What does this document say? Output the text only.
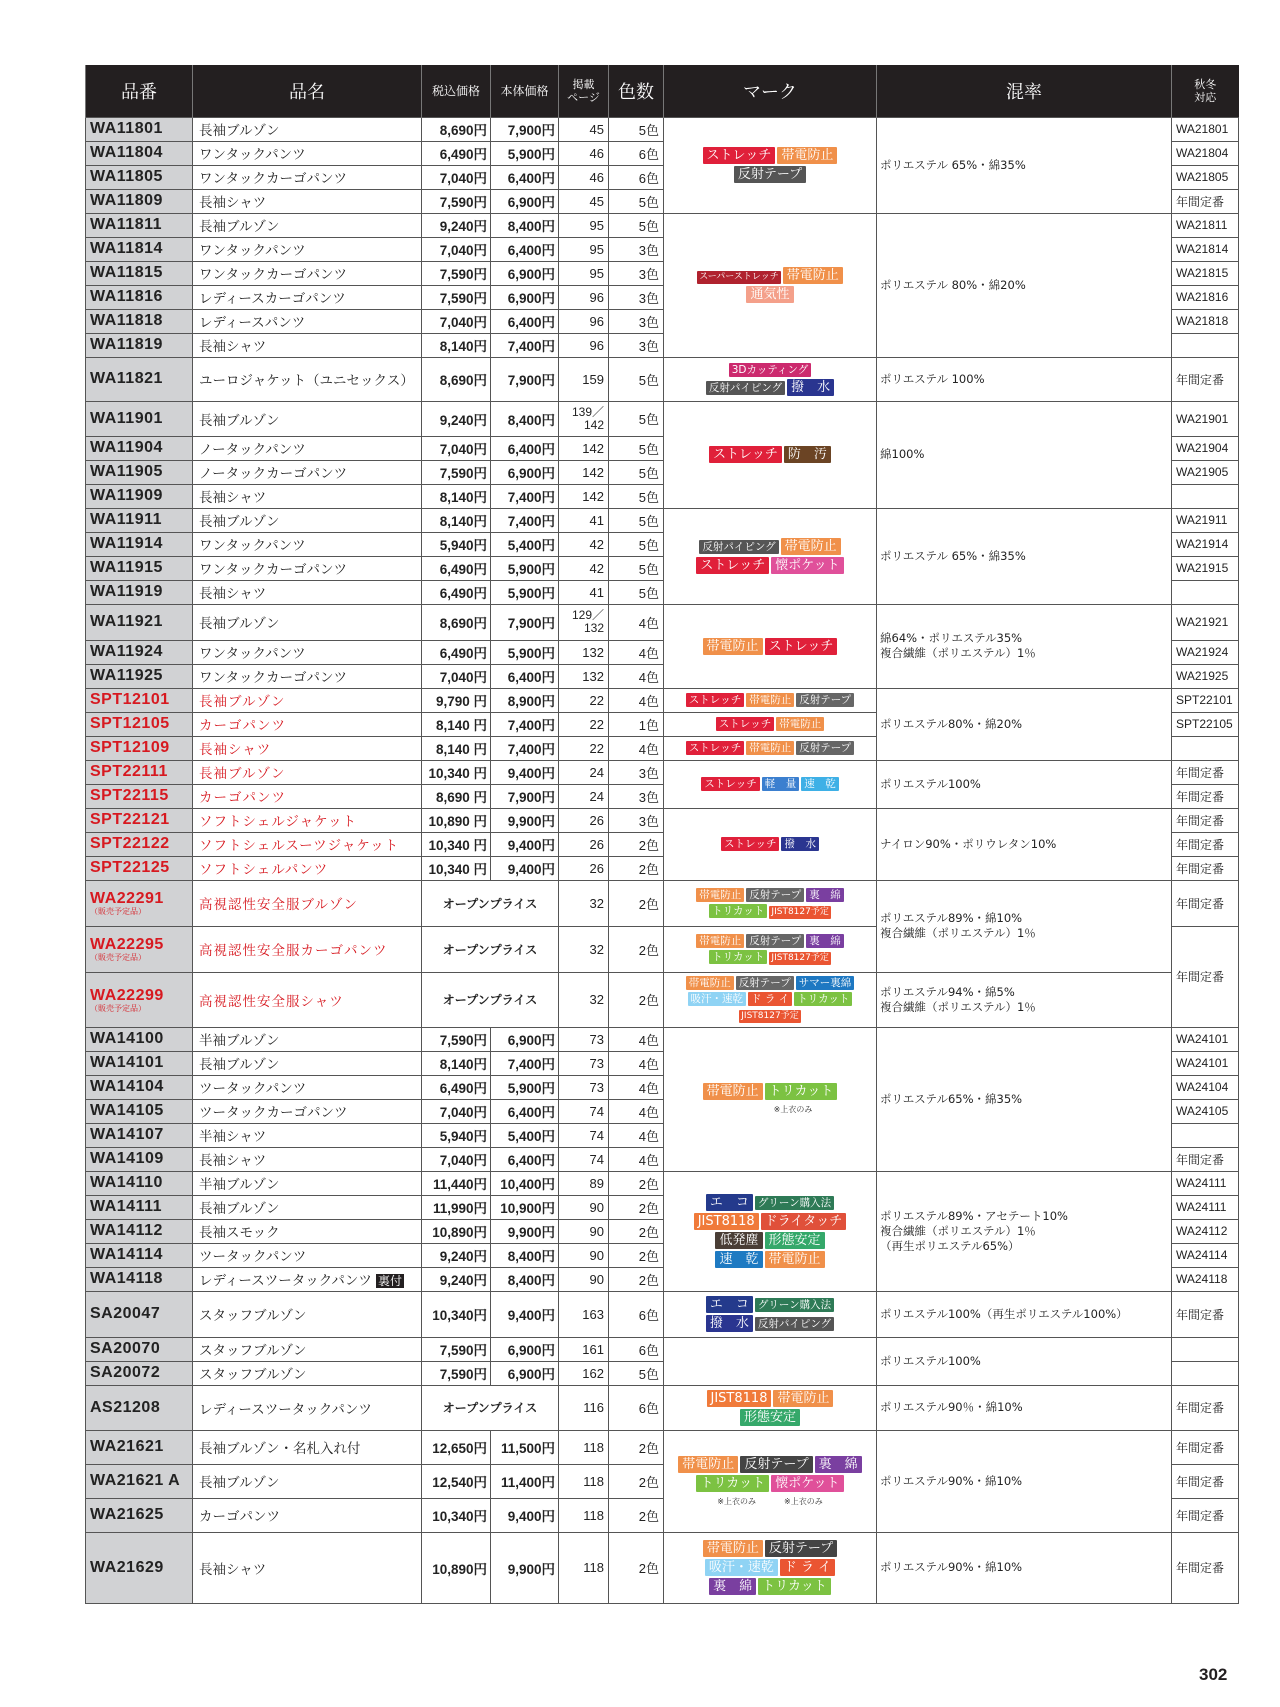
品番	品名	税込価格	本体価格	掲載
ページ	色数	マーク	混率	秋冬
対応
WA11801	長袖ブルゾン	8,690円	7,900円	45	5色	
ストレッチ 帯電防止
反射テープ
	ポリエステル 65%・綿35%	WA21801
WA11804	ワンタックパンツ	6,490円	5,900円	46	6色	WA21804
WA11805	ワンタックカーゴパンツ	7,040円	6,400円	46	6色	WA21805
WA11809	長袖シャツ	7,590円	6,900円	45	5色	年間定番
WA11811	長袖ブルゾン	9,240円	8,400円	95	5色	
スーパーストレッチ 帯電防止
通気性
	ポリエステル 80%・綿20%	WA21811
WA11814	ワンタックパンツ	7,040円	6,400円	95	3色	WA21814
WA11815	ワンタックカーゴパンツ	7,590円	6,900円	95	3色	WA21815
WA11816	レディースカーゴパンツ	7,590円	6,900円	96	3色	WA21816
WA11818	レディースパンツ	7,040円	6,400円	96	3色	WA21818
WA11819	長袖シャツ	8,140円	7,400円	96	3色	
WA11821	ユーロジャケット（ユニセックス）	8,690円	7,900円	159	5色	
3Dカッティング
反射パイピング 撥　水
	ポリエステル 100%	年間定番
WA11901	長袖ブルゾン	9,240円	8,400円	139／
142	5色	
ストレッチ 防　汚	綿100%	WA21901
WA11904	ノータックパンツ	7,040円	6,400円	142	5色	WA21904
WA11905	ノータックカーゴパンツ	7,590円	6,900円	142	5色	WA21905
WA11909	長袖シャツ	8,140円	7,400円	142	5色	
WA11911	長袖ブルゾン	8,140円	7,400円	41	5色	
反射パイピング 帯電防止
ストレッチ 懐ポケット
	ポリエステル 65%・綿35%	WA21911
WA11914	ワンタックパンツ	5,940円	5,400円	42	5色	WA21914
WA11915	ワンタックカーゴパンツ	6,490円	5,900円	42	5色	WA21915
WA11919	長袖シャツ	6,490円	5,900円	41	5色	
WA11921	長袖ブルゾン	8,690円	7,900円	129／
132	4色	
帯電防止 ストレッチ

綿64%・ポリエステル35%
複合繊維（ポリエステル）1％
	WA21921
WA11924	ワンタックパンツ	6,490円	5,900円	132	4色	WA21924
WA11925	ワンタックカーゴパンツ	7,040円	6,400円	132	4色	WA21925
SPT12101	長袖ブルゾン	9,790 円	8,900円	22	4色	ストレッチ 帯電防止 反射テープ
	ポリエステル80%・綿20%	SPT22101
SPT12105	カーゴパンツ	8,140 円	7,400円	22	1色	ストレッチ 帯電防止	SPT22105
SPT12109	長袖シャツ	8,140 円	7,400円	22	4色	ストレッチ 帯電防止 反射テープ

SPT22111	長袖ブルゾン	10,340 円	9,400円	24	3色	
ストレッチ 軽　量 速　乾	ポリエステル100%	年間定番
SPT22115	カーゴパンツ	8,690 円	7,900円	24	3色	年間定番
SPT22121	ソフトシェルジャケット	10,890 円	9,900円	26	3色	
ストレッチ 撥　水	ナイロン90%・ポリウレタン10%	年間定番
SPT22122	ソフトシェルスーツジャケット	10,340 円	9,400円	26	2色	年間定番
SPT22125	ソフトシェルパンツ	10,340 円	9,400円	26	2色	年間定番
WA22291
（販売予定品）	高視認性安全服ブルゾン	オープンプライス	32	2色	
帯電防止 反射テープ 裏　綿
トリカット JIST8127予定	ポリエステル89%・綿10%
複合繊維（ポリエステル）1％
	年間定番
WA22295
（販売予定品）	高視認性安全服カーゴパンツ	オープンプライス	32	2色	
帯電防止 反射テープ 裏　綿
トリカット JIST8127予定
	年間定番
WA22299
（販売予定品）	高視認性安全服シャツ	オープンプライス	32	2色	
帯電防止 反射テープ サマー裏綿
吸汗・速乾 ド ラ イ トリカット
JIST8127予定

ポリエステル94%・綿5%
複合繊維（ポリエステル）1％

WA14100	半袖ブルゾン	7,590円	6,900円	73	4色	
帯電防止 トリカット
※上衣のみ
	ポリエステル65%・綿35%	WA24101
WA14101	長袖ブルゾン	8,140円	7,400円	73	4色	WA24101
WA14104	ツータックパンツ	6,490円	5,900円	73	4色	WA24104
WA14105	ツータックカーゴパンツ	7,040円	6,400円	74	4色	WA24105
WA14107	半袖シャツ	5,940円	5,400円	74	4色	
WA14109	長袖シャツ	7,040円	6,400円	74	4色	年間定番
WA14110	半袖ブルゾン	11,440円	10,400円	89	2色	
エ　コ グリーン購入法
JIST8118 ドライタッチ
低発塵 形態安定
速　乾 帯電防止

ポリエステル89%・アセテート10%
複合繊維（ポリエステル）1％
（再生ポリエステル65%）
	WA24111
WA14111	長袖ブルゾン	11,990円	10,900円	90	2色	WA24111
WA14112	長袖スモック	10,890円	9,900円	90	2色	WA24112
WA14114	ツータックパンツ	9,240円	8,400円	90	2色	WA24114
WA14118	レディースツータックパンツ 裏付	9,240円	8,400円	90	2色	WA24118
SA20047	スタッフブルゾン	10,340円	9,400円	163	6色	
エ　コ グリーン購入法
撥　水 反射パイピング
	ポリエステル100%（再生ポリエステル100%）	年間定番
SA20070	スタッフブルゾン	7,590円	6,900円	161	6色		ポリエステル100%	
SA20072	スタッフブルゾン	7,590円	6,900円	162	5色	
AS21208	レディースツータックパンツ	オープンプライス	116	6色	
JIST8118 帯電防止
形態安定
	ポリエステル90％・綿10%	年間定番
WA21621	長袖ブルゾン・名札入れ付	12,650円	11,500円	118	2色	
帯電防止 反射テープ 裏　綿
トリカット 懐ポケット
※上衣のみ	※上衣のみ
	ポリエステル90%・綿10%	年間定番
WA21621 A	長袖ブルゾン	12,540円	11,400円	118	2色	年間定番
WA21625	カーゴパンツ	10,340円	9,400円	118	2色	年間定番
WA21629	長袖シャツ	10,890円	9,900円	118	2色	
帯電防止 反射テープ
吸汗・速乾 ド ラ イ
裏　綿 トリカット
	ポリエステル90%・綿10%	年間定番
302
